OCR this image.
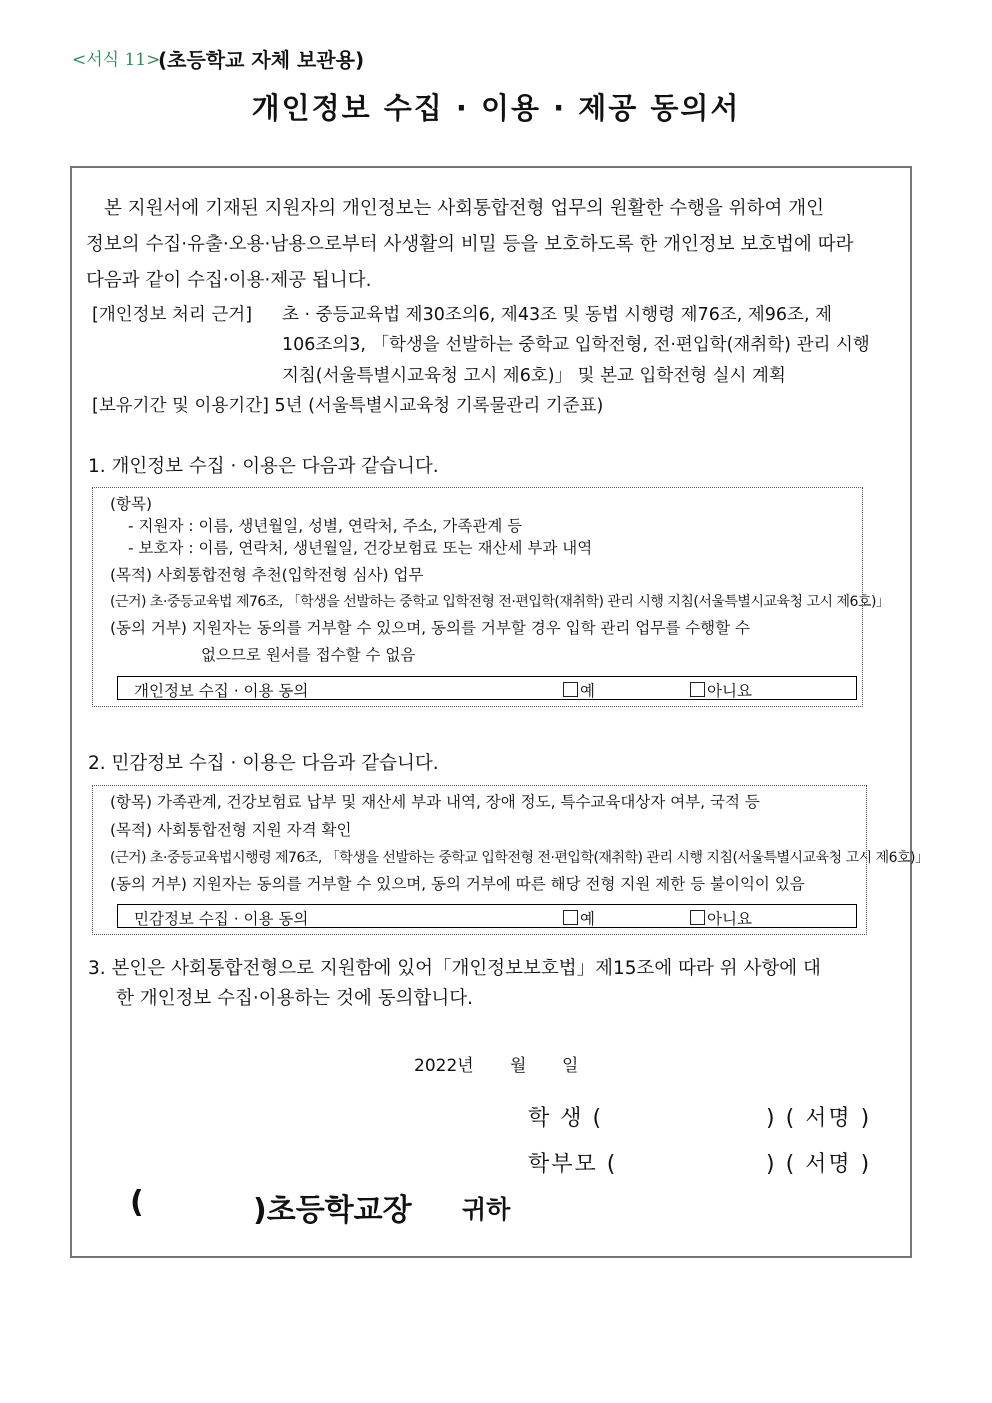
<서식 11>
(초등학교 자체 보관용)
개인정보 수집 · 이용 · 제공 동의서
본 지원서에 기재된 지원자의 개인정보는 사회통합전형 업무의 원활한 수행을 위하여 개인
정보의 수집·유출·오용·남용으로부터 사생활의 비밀 등을 보호하도록 한 개인정보 보호법에 따라
다음과 같이 수집·이용·제공 됩니다.
[개인정보 처리 근거] 초 · 중등교육법 제30조의6, 제43조 및 동법 시행령 제76조, 제96조, 제
106조의3, 「학생을 선발하는 중학교 입학전형, 전·편입학(재취학) 관리 시행
지침(서울특별시교육청 고시 제6호)」 및 본교 입학전형 실시 계획
[보유기간 및 이용기간] 5년 (서울특별시교육청 기록물관리 기준표)
1. 개인정보 수집 · 이용은 다음과 같습니다.
(항목)
- 지원자 : 이름, 생년월일, 성별, 연락처, 주소, 가족관계 등
- 보호자 : 이름, 연락처, 생년월일, 건강보험료 또는 재산세 부과 내역
(목적) 사회통합전형 추천(입학전형 심사) 업무
(근거) 초·중등교육법 제76조, 「학생을 선발하는 중학교 입학전형 전·편입학(재취학) 관리 시행 지침(서울특별시교육청 고시 제6호)」
(동의 거부) 지원자는 동의를 거부할 수 있으며, 동의를 거부할 경우 입학 관리 업무를 수행할 수
없으므로 원서를 접수할 수 없음
개인정보 수집 · 이용 동의	예	아니요
2. 민감정보 수집 · 이용은 다음과 같습니다.
(항목) 가족관계, 건강보험료 납부 및 재산세 부과 내역, 장애 정도, 특수교육대상자 여부, 국적 등
(목적) 사회통합전형 지원 자격 확인
(근거) 초·중등교육법시행령 제76조, 「학생을 선발하는 중학교 입학전형 전·편입학(재취학) 관리 시행 지침(서울특별시교육청 고시 제6호)」
(동의 거부) 지원자는 동의를 거부할 수 있으며, 동의 거부에 따른 해당 전형 지원 제한 등 불이익이 있음
민감정보 수집 · 이용 동의	예	아니요
3. 본인은 사회통합전형으로 지원함에 있어「개인정보보호법」제15조에 따라 위 사항에 대
한 개인정보 수집·이용하는 것에 동의합니다.
2022년 월 일
학 생 (	) ( 서명 )
학부모 (	) ( 서명 )
(	)초등학교장 귀하
